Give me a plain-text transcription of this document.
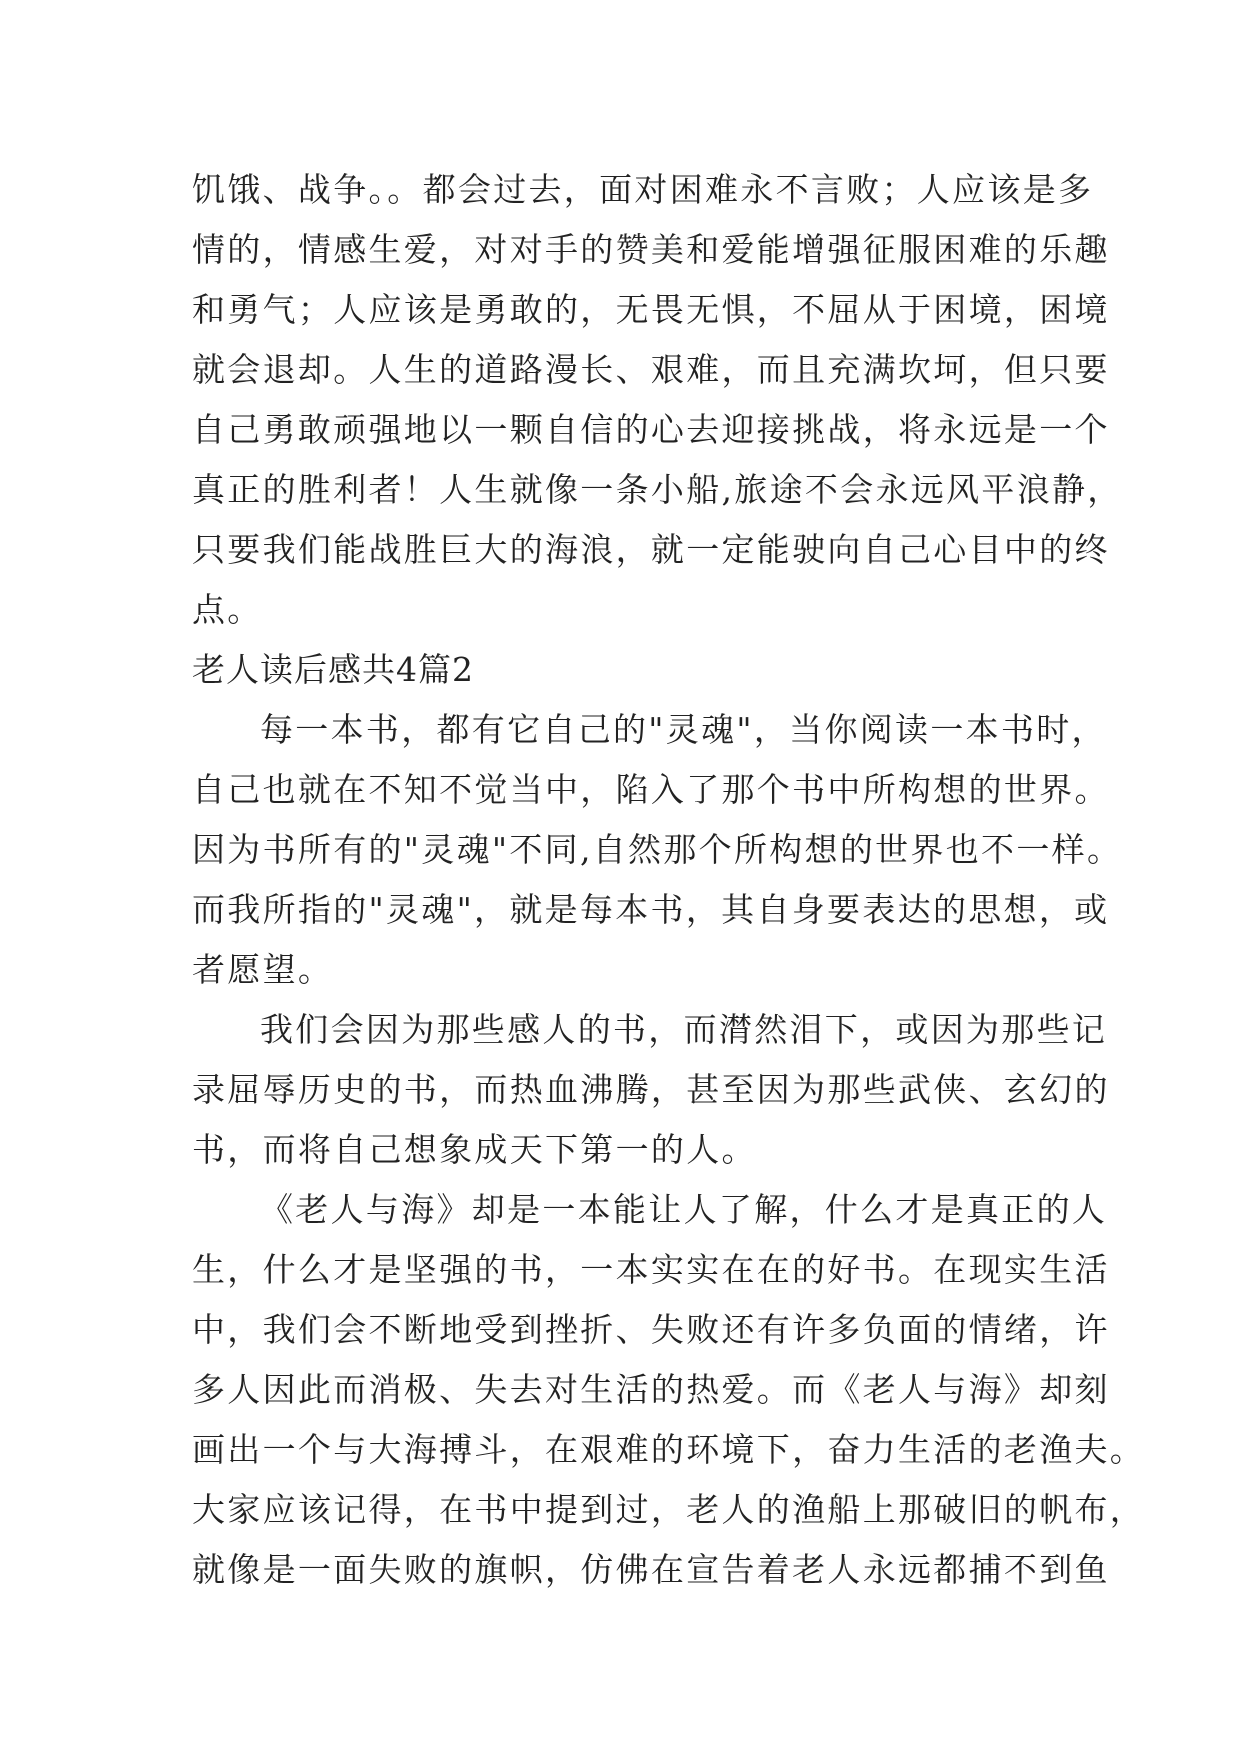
饥饿、战争。。都会过去，面对困难永不言败；人应该是多
情的，情感生爱，对对手的赞美和爱能增强征服困难的乐趣
和勇气；人应该是勇敢的，无畏无惧，不屈从于困境，困境
就会退却。人生的道路漫长、艰难，而且充满坎坷，但只要
自己勇敢顽强地以一颗自信的心去迎接挑战，将永远是一个
真正的胜利者！人生就像一条小船,旅途不会永远风平浪静，
只要我们能战胜巨大的海浪，就一定能驶向自己心目中的终
点。
老人读后感共4篇2
每一本书，都有它自己的"灵魂"，当你阅读一本书时，
自己也就在不知不觉当中，陷入了那个书中所构想的世界。
因为书所有的"灵魂"不同,自然那个所构想的世界也不一样。
而我所指的"灵魂"，就是每本书，其自身要表达的思想，或
者愿望。
我们会因为那些感人的书，而潸然泪下，或因为那些记
录屈辱历史的书，而热血沸腾，甚至因为那些武侠、玄幻的
书，而将自己想象成天下第一的人。
《老人与海》却是一本能让人了解，什么才是真正的人
生，什么才是坚强的书，一本实实在在的好书。在现实生活
中，我们会不断地受到挫折、失败还有许多负面的情绪，许
多人因此而消极、失去对生活的热爱。而《老人与海》却刻
画出一个与大海搏斗，在艰难的环境下，奋力生活的老渔夫。
大家应该记得，在书中提到过，老人的渔船上那破旧的帆布，
就像是一面失败的旗帜，仿佛在宣告着老人永远都捕不到鱼
